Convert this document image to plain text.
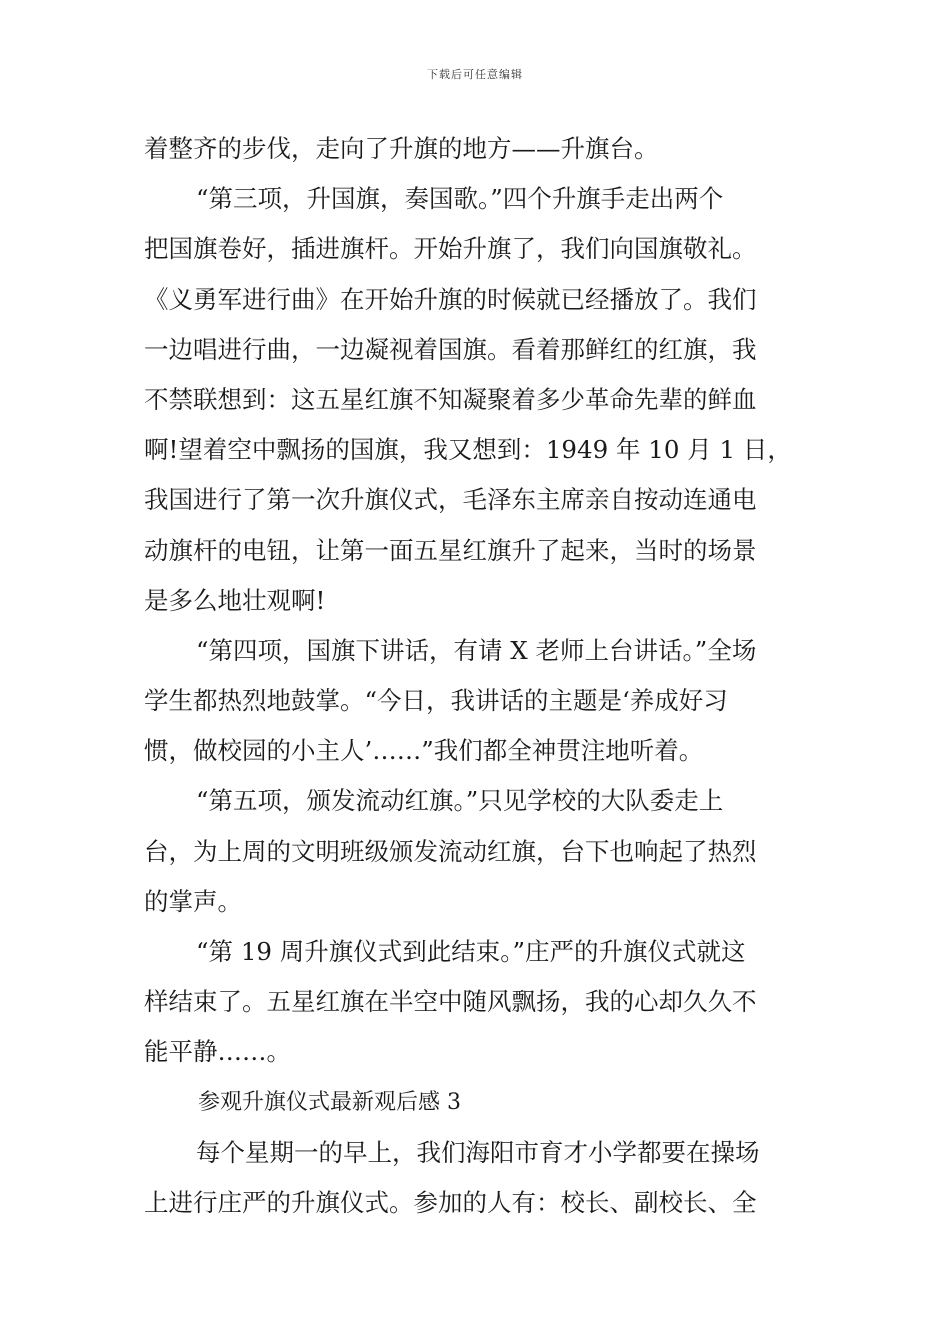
下载后可任意编辑
着整齐的步伐，走向了升旗的地方——升旗台。
“第三项，升国旗，奏国歌。”四个升旗手走出两个
把国旗卷好，插进旗杆。开始升旗了，我们向国旗敬礼。
《义勇军进行曲》在开始升旗的时候就已经播放了。我们
一边唱进行曲，一边凝视着国旗。看着那鲜红的红旗，我
不禁联想到：这五星红旗不知凝聚着多少革命先辈的鲜血
啊!望着空中飘扬的国旗，我又想到：1949 年 10 月 1 日，
我国进行了第一次升旗仪式，毛泽东主席亲自按动连通电
动旗杆的电钮，让第一面五星红旗升了起来，当时的场景
是多么地壮观啊!
“第四项，国旗下讲话，有请 X 老师上台讲话。”全场
学生都热烈地鼓掌。“今日，我讲话的主题是‘养成好习
惯，做校园的小主人’……”我们都全神贯注地听着。
“第五项，颁发流动红旗。”只见学校的大队委走上
台，为上周的文明班级颁发流动红旗，台下也响起了热烈
的掌声。
“第 19 周升旗仪式到此结束。”庄严的升旗仪式就这
样结束了。五星红旗在半空中随风飘扬，我的心却久久不
能平静……。
参观升旗仪式最新观后感 3
每个星期一的早上，我们海阳市育才小学都要在操场
上进行庄严的升旗仪式。参加的人有：校长、副校长、全
